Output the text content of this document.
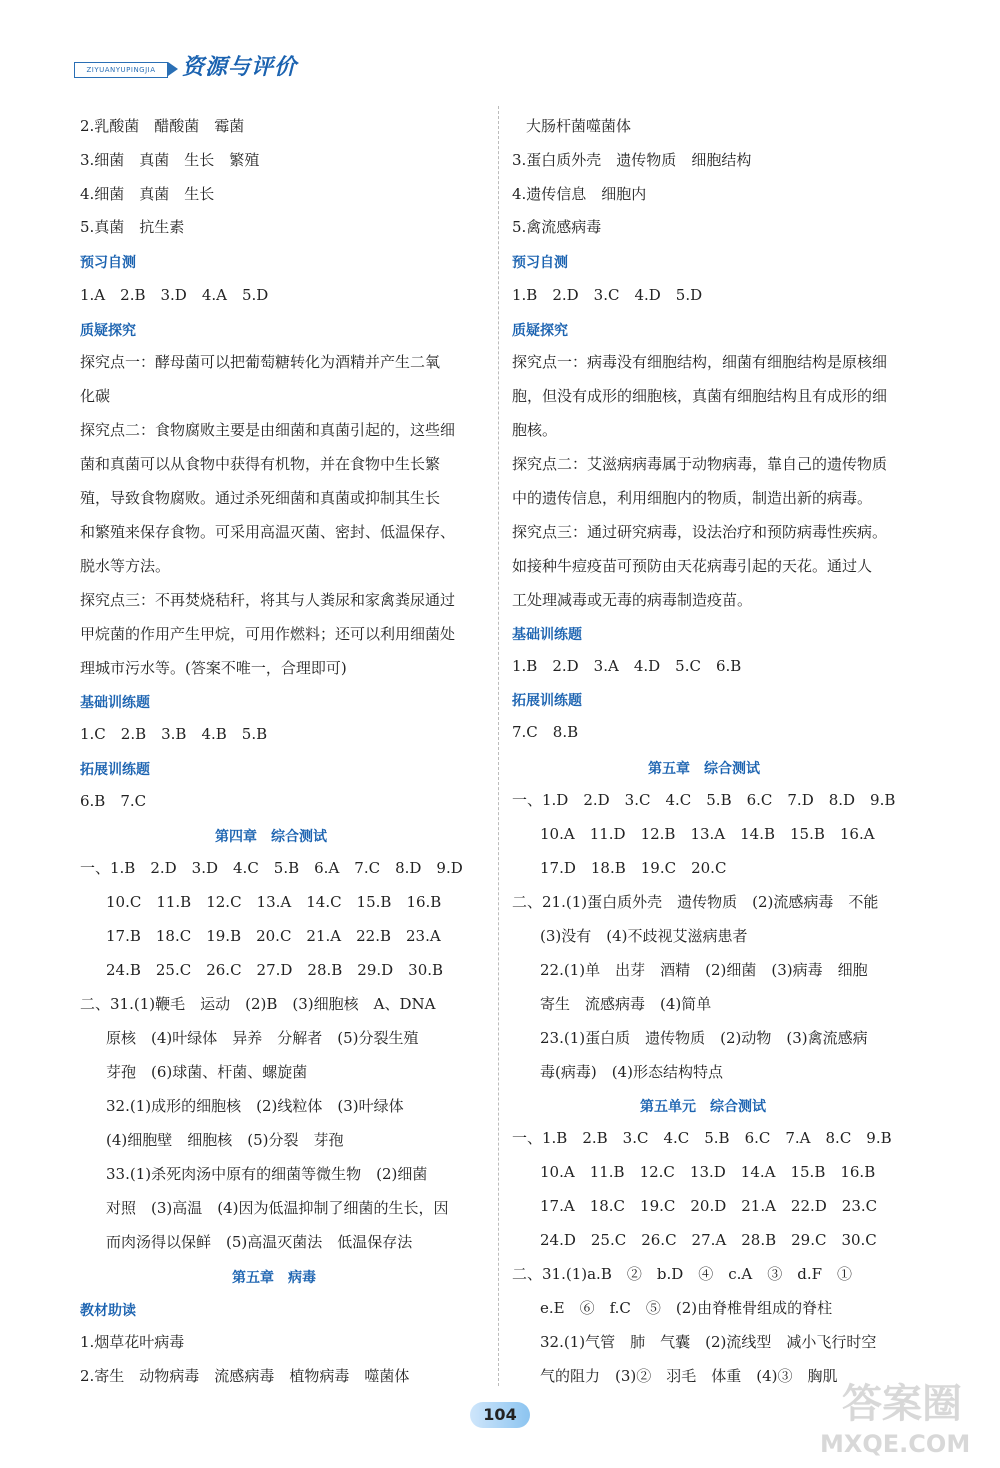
ZIYUANYUPINGJIA	资源与评价
2.乳酸菌　醋酸菌　霉菌
3.细菌　真菌　生长　繁殖
4.细菌　真菌　生长
5.真菌　抗生素
预习自测
1.A　2.B　3.D　4.A　5.D
质疑探究
探究点一：酵母菌可以把葡萄糖转化为酒精并产生二氧
化碳
探究点二：食物腐败主要是由细菌和真菌引起的，这些细
菌和真菌可以从食物中获得有机物，并在食物中生长繁
殖，导致食物腐败。通过杀死细菌和真菌或抑制其生长
和繁殖来保存食物。可采用高温灭菌、密封、低温保存、
脱水等方法。
探究点三：不再焚烧秸秆，将其与人粪尿和家禽粪尿通过
甲烷菌的作用产生甲烷，可用作燃料；还可以利用细菌处
理城市污水等。(答案不唯一，合理即可)
基础训练题
1.C　2.B　3.B　4.B　5.B
拓展训练题
6.B　7.C
第四章　综合测试
一、1.B　2.D　3.D　4.C　5.B　6.A　7.C　8.D　9.D
10.C　11.B　12.C　13.A　14.C　15.B　16.B
17.B　18.C　19.B　20.C　21.A　22.B　23.A
24.B　25.C　26.C　27.D　28.B　29.D　30.B
二、31.(1)鞭毛　运动　(2)B　(3)细胞核　A、DNA
原核　(4)叶绿体　异养　分解者　(5)分裂生殖
芽孢　(6)球菌、杆菌、螺旋菌
32.(1)成形的细胞核　(2)线粒体　(3)叶绿体
(4)细胞壁　细胞核　(5)分裂　芽孢
33.(1)杀死肉汤中原有的细菌等微生物　(2)细菌
对照　(3)高温　(4)因为低温抑制了细菌的生长，因
而肉汤得以保鲜　(5)高温灭菌法　低温保存法
第五章　病毒
教材助读
1.烟草花叶病毒
2.寄生　动物病毒　流感病毒　植物病毒　噬菌体
大肠杆菌噬菌体
3.蛋白质外壳　遗传物质　细胞结构
4.遗传信息　细胞内
5.禽流感病毒
预习自测
1.B　2.D　3.C　4.D　5.D
质疑探究
探究点一：病毒没有细胞结构，细菌有细胞结构是原核细
胞，但没有成形的细胞核，真菌有细胞结构且有成形的细
胞核。
探究点二：艾滋病病毒属于动物病毒，靠自己的遗传物质
中的遗传信息，利用细胞内的物质，制造出新的病毒。
探究点三：通过研究病毒，设法治疗和预防病毒性疾病。
如接种牛痘疫苗可预防由天花病毒引起的天花。通过人
工处理减毒或无毒的病毒制造疫苗。
基础训练题
1.B　2.D　3.A　4.D　5.C　6.B
拓展训练题
7.C　8.B
第五章　综合测试
一、1.D　2.D　3.C　4.C　5.B　6.C　7.D　8.D　9.B
10.A　11.D　12.B　13.A　14.B　15.B　16.A
17.D　18.B　19.C　20.C
二、21.(1)蛋白质外壳　遗传物质　(2)流感病毒　不能
(3)没有　(4)不歧视艾滋病患者
22.(1)单　出芽　酒精　(2)细菌　(3)病毒　细胞
寄生　流感病毒　(4)简单
23.(1)蛋白质　遗传物质　(2)动物　(3)禽流感病
毒(病毒)　(4)形态结构特点
第五单元　综合测试
一、1.B　2.B　3.C　4.C　5.B　6.C　7.A　8.C　9.B
10.A　11.B　12.C　13.D　14.A　15.B　16.B
17.A　18.C　19.C　20.D　21.A　22.D　23.C
24.D　25.C　26.C　27.A　28.B　29.C　30.C
二、31.(1)a.B　②　b.D　④　c.A　③　d.F　①
e.E　⑥　f.C　⑤　(2)由脊椎骨组成的脊柱
32.(1)气管　肺　气囊　(2)流线型　减小飞行时空
气的阻力　(3)②　羽毛　体重　(4)③　胸肌
104	答案圈
MXQE.COM
